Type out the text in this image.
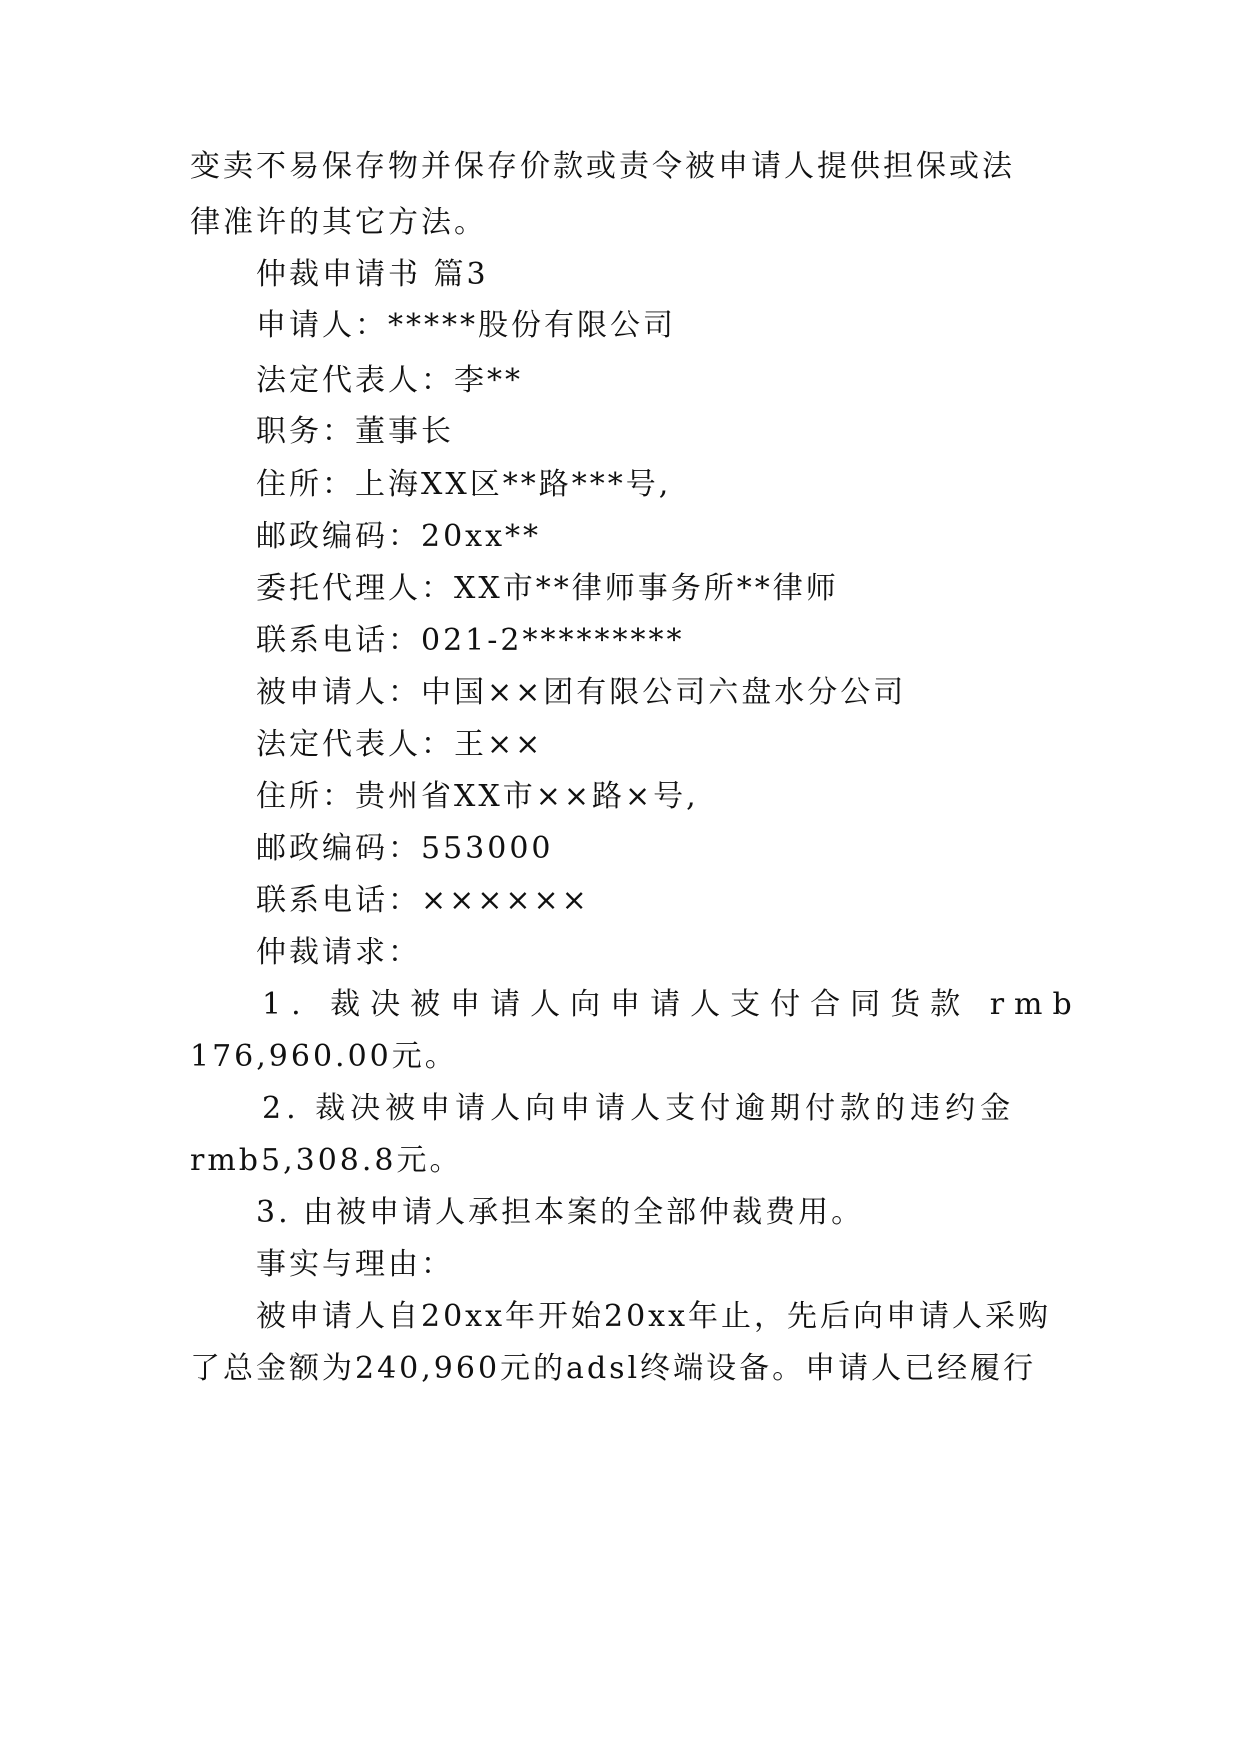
变卖不易保存物并保存价款或责令被申请人提供担保或法
律准许的其它方法。
仲裁申请书 篇3
申请人：*****股份有限公司
法定代表人：李**
职务：董事长
住所：上海XX区**路***号,
邮政编码：20xx**
委托代理人：XX市**律师事务所**律师
联系电话：021-2*********
被申请人：中国××团有限公司六盘水分公司
法定代表人：王××
住所：贵州省XX市××路×号,
邮政编码：553000
联系电话：××××××
仲裁请求：
1. 裁决被申请人向申请人支付合同货款 rmb
176,960.00元。
2. 裁决被申请人向申请人支付逾期付款的违约金
rmb5,308.8元。
3. 由被申请人承担本案的全部仲裁费用。
事实与理由：
被申请人自20xx年开始20xx年止，先后向申请人采购
了总金额为240,960元的adsl终端设备。申请人已经履行
